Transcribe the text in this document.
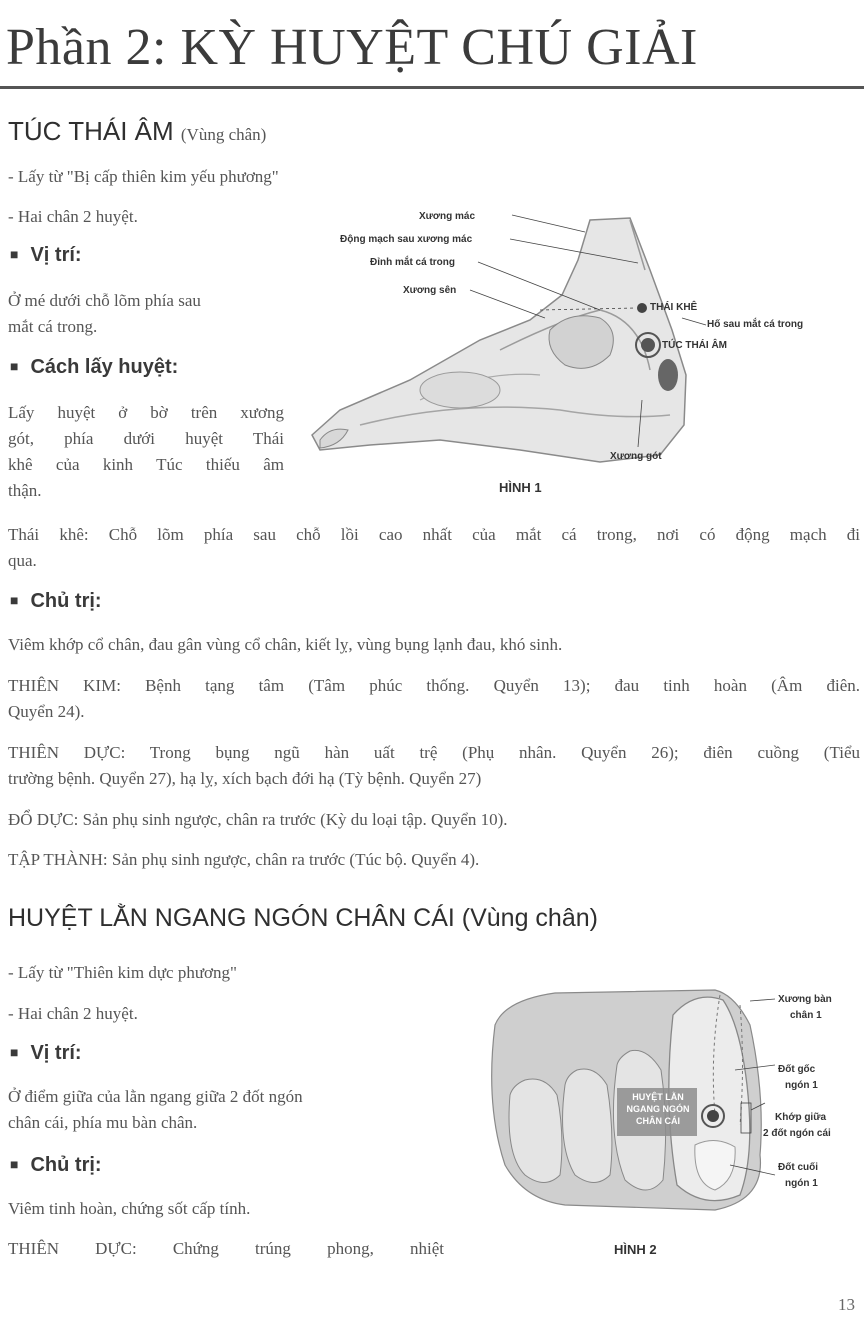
Phần 2: KỲ HUYỆT CHÚ GIẢI
TÚC THÁI ÂM (Vùng chân)
- Lấy từ "Bị cấp thiên kim yếu phương"
- Hai chân 2 huyệt.
■ Vị trí:
Ở mé dưới chỗ lõm phía sau
mắt cá trong.
■ Cách lấy huyệt:
Lấy huyệt ở bờ trên xương
gót, phía dưới huyệt Thái
khê của kinh Túc thiếu âm
thận.
Xương mác
Động mạch sau xương mác
Đỉnh mắt cá trong
Xương sên
THÁI KHÊ
Hố sau mắt cá trong
TÚC THÁI ÂM
Xương gót
HÌNH 1
Thái khê: Chỗ lõm phía sau chỗ lồi cao nhất của mắt cá trong, nơi có động mạch đi
qua.
■ Chủ trị:
Viêm khớp cổ chân, đau gân vùng cổ chân, kiết lỵ, vùng bụng lạnh đau, khó sinh.
THIÊN KIM: Bệnh tạng tâm (Tâm phúc thống. Quyển 13); đau tinh hoàn (Âm điên.
Quyển 24).
THIÊN DỰC: Trong bụng ngũ hàn uất trệ (Phụ nhân. Quyển 26); điên cuồng (Tiểu
trường bệnh. Quyển 27), hạ lỵ, xích bạch đới hạ (Tỳ bệnh. Quyển 27)
ĐỔ DỰC: Sản phụ sinh ngược, chân ra trước (Kỳ du loại tập. Quyển 10).
TẬP THÀNH: Sản phụ sinh ngược, chân ra trước (Túc bộ. Quyển 4).
HUYỆT LẰN NGANG NGÓN CHÂN CÁI (Vùng chân)
- Lấy từ "Thiên kim dực phương"
- Hai chân 2 huyệt.
■ Vị trí:
Ở điểm giữa của lằn ngang giữa 2 đốt ngón
chân cái, phía mu bàn chân.
■ Chủ trị:
Viêm tinh hoàn, chứng sốt cấp tính.
THIÊN DỰC: Chứng trúng phong, nhiệt
HUYỆT LẰN
NGANG NGÓN
CHÂN CÁI
Xương bàn
chân 1
Đốt gốc
ngón 1
Khớp giữa
2 đốt ngón cái
Đốt cuối
ngón 1
HÌNH 2
13
